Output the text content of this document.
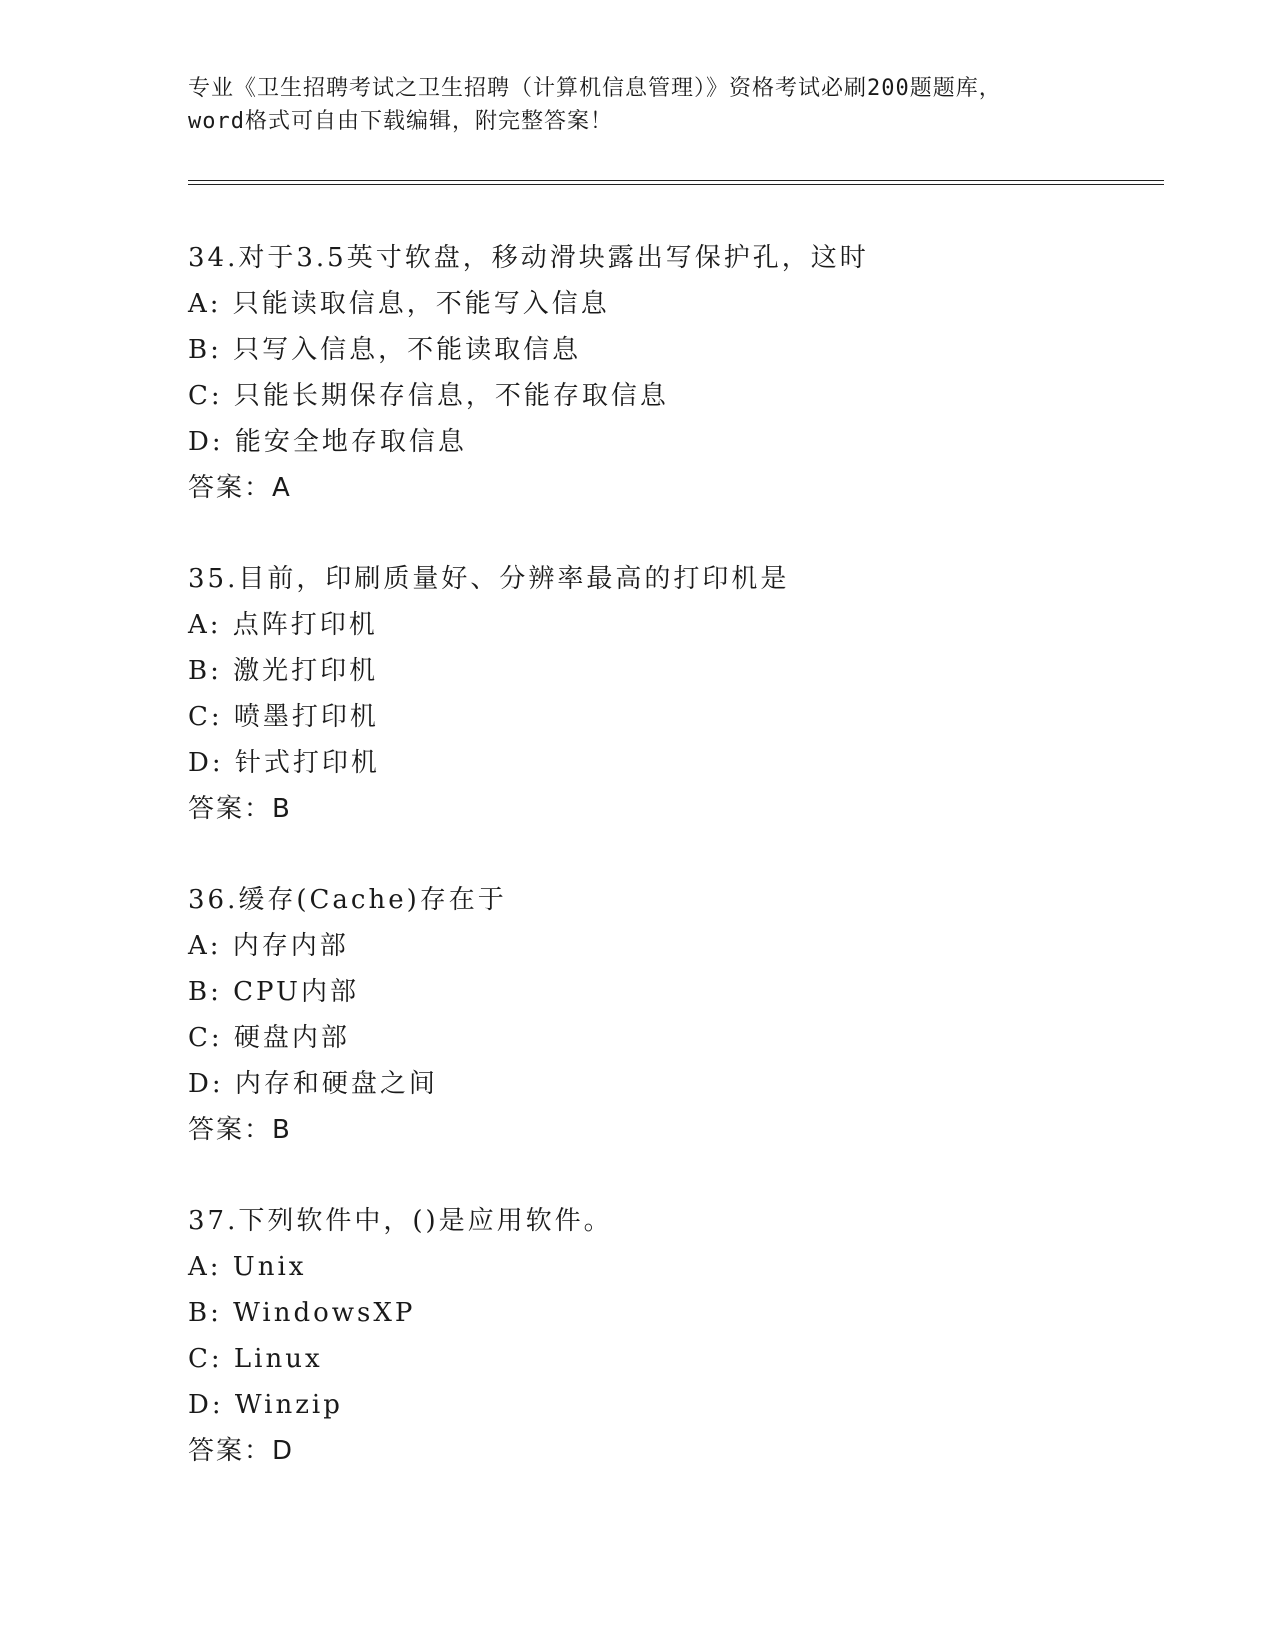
专业《卫生招聘考试之卫生招聘（计算机信息管理）》资格考试必刷200题题库，
word格式可自由下载编辑，附完整答案！
34.对于3.5英寸软盘，移动滑块露出写保护孔，这时
A: 只能读取信息，不能写入信息
B: 只写入信息，不能读取信息
C: 只能长期保存信息，不能存取信息
D: 能安全地存取信息
答案：A
35.目前，印刷质量好、分辨率最高的打印机是
A: 点阵打印机
B: 激光打印机
C: 喷墨打印机
D: 针式打印机
答案：B
36.缓存(Cache)存在于
A: 内存内部
B: CPU内部
C: 硬盘内部
D: 内存和硬盘之间
答案：B
37.下列软件中，()是应用软件。
A: Unix
B: WindowsXP
C: Linux
D: Winzip
答案：D
